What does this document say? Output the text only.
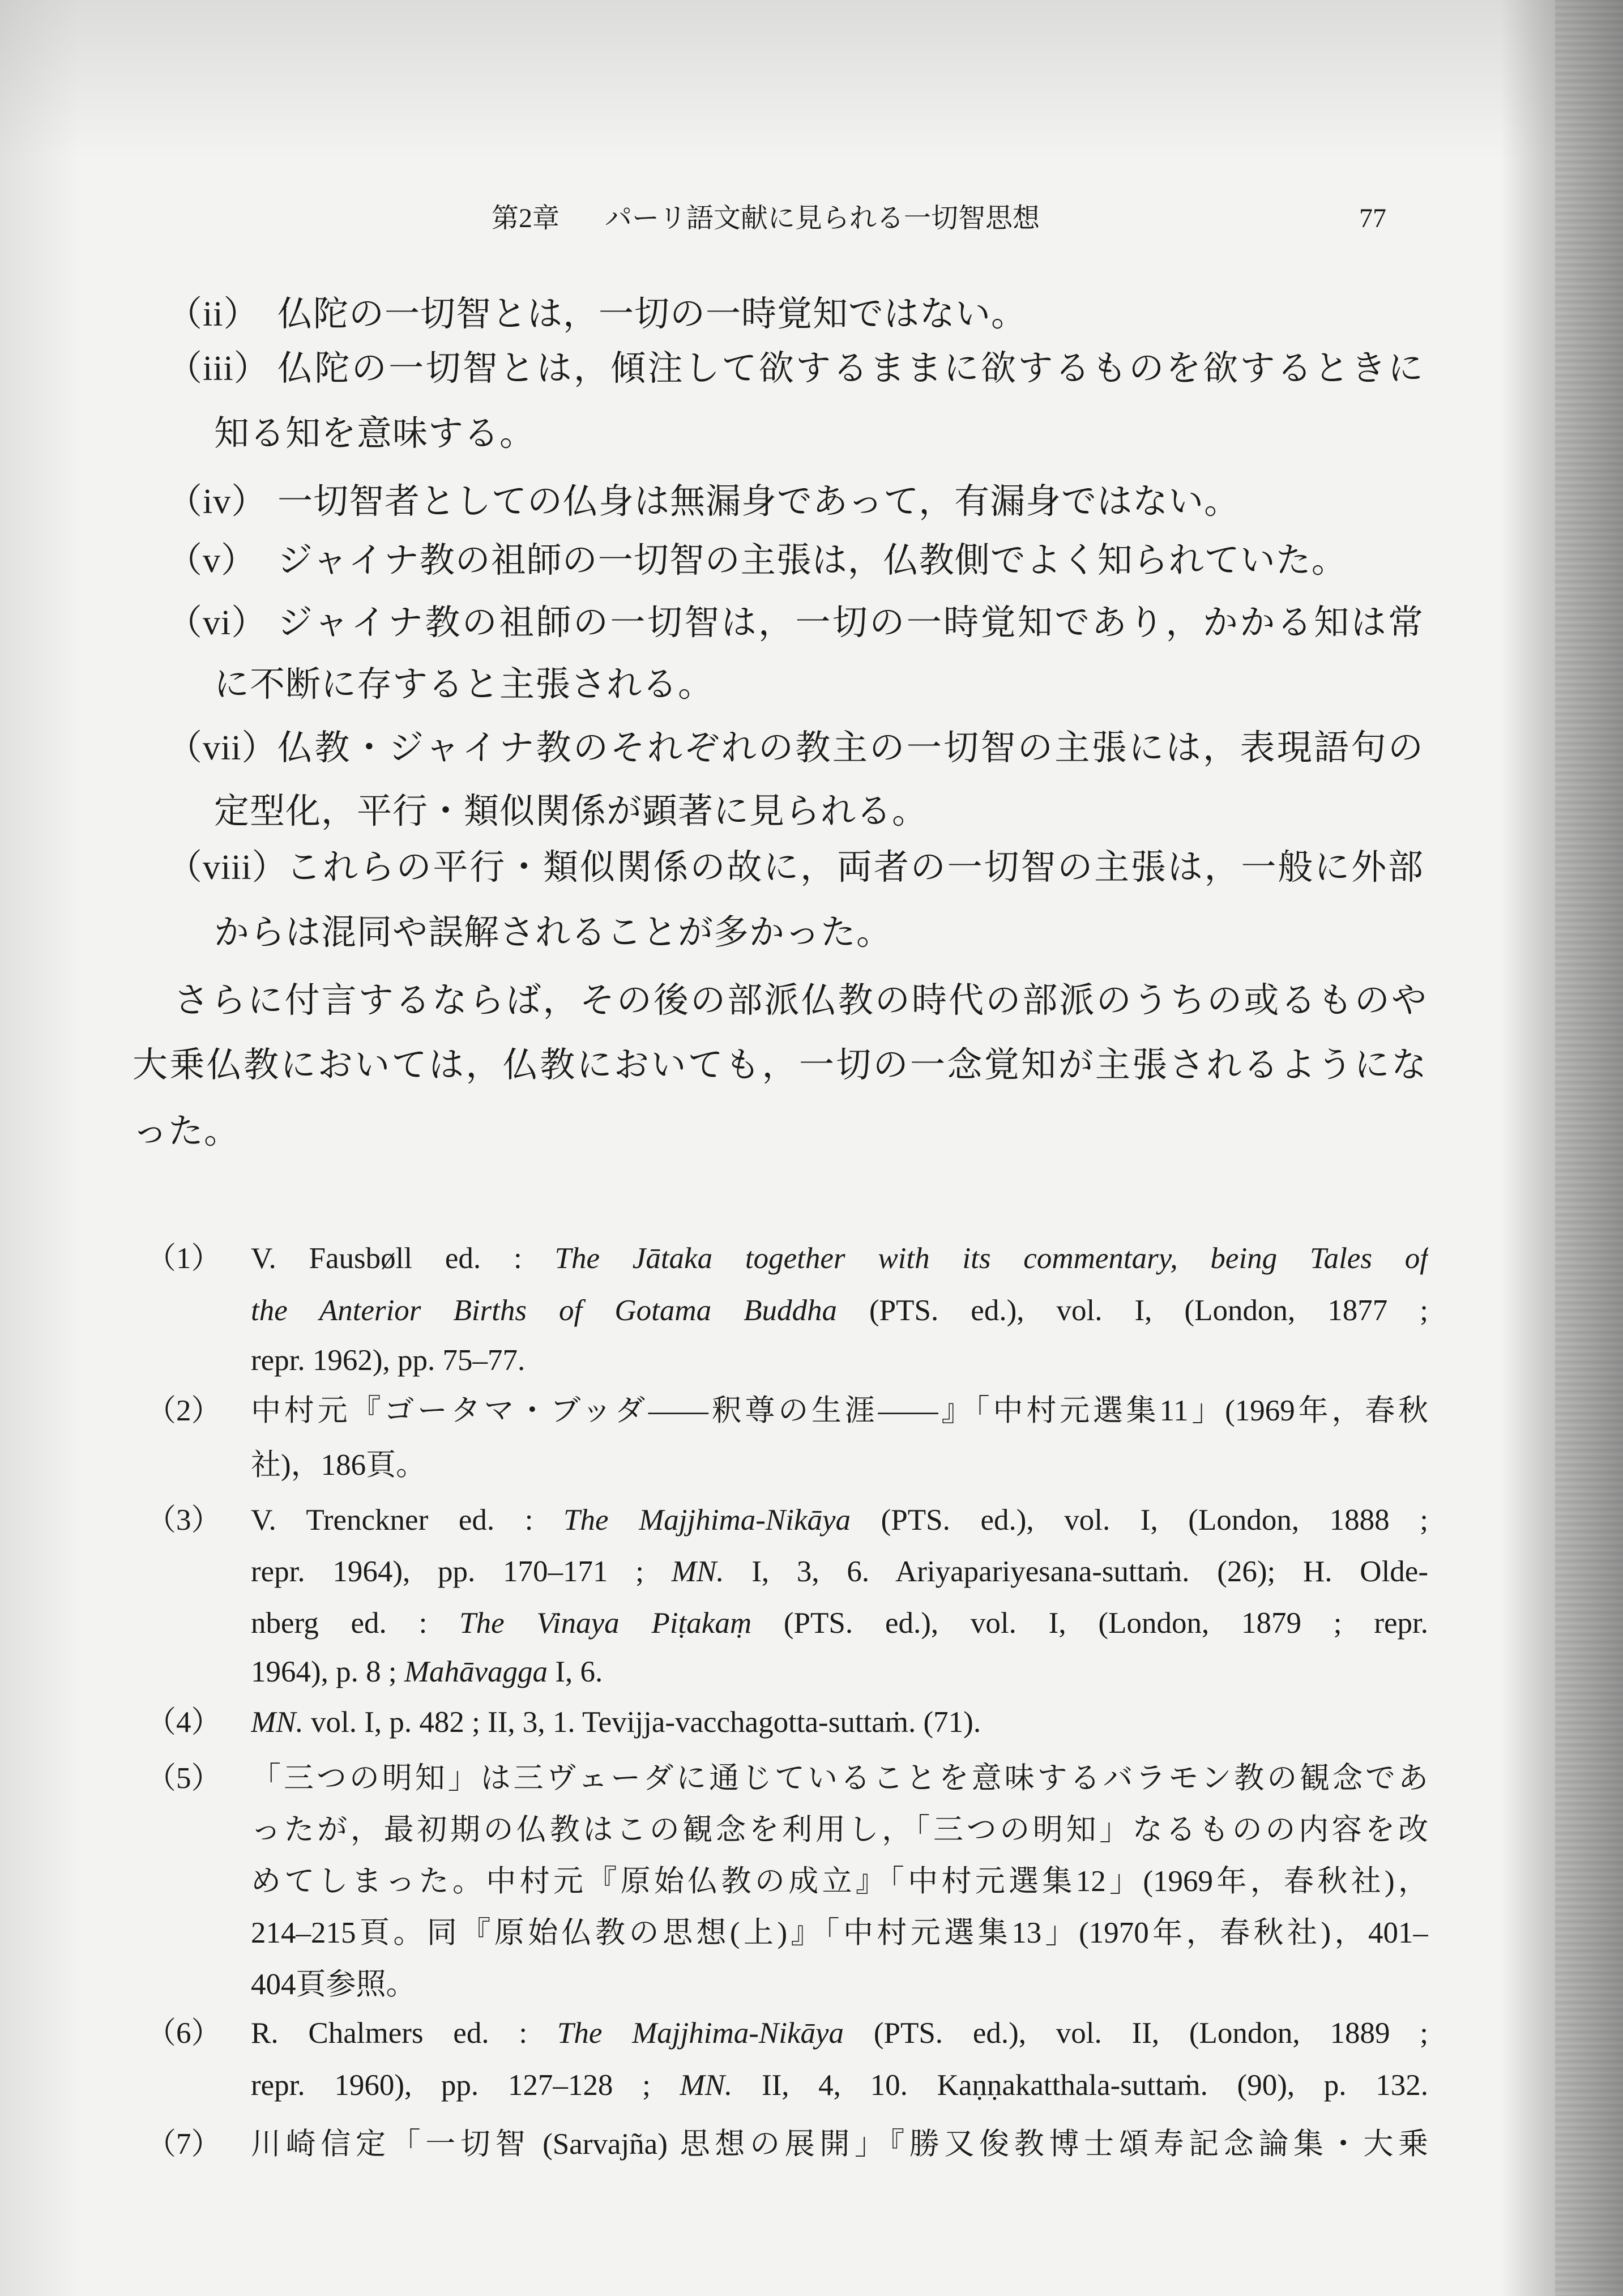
第2章	パーリ語文献に見られる一切智思想	77
（ii） 仏陀の一切智とは，一切の一時覚知ではない。
（iii） 仏陀の一切智とは，傾注して欲するままに欲するものを欲するときに
知る知を意味する。
（iv） 一切智者としての仏身は無漏身であって，有漏身ではない。
（v） ジャイナ教の祖師の一切智の主張は，仏教側でよく知られていた。
（vi） ジャイナ教の祖師の一切智は，一切の一時覚知であり，かかる知は常
に不断に存すると主張される。
（vii） 仏教・ジャイナ教のそれぞれの教主の一切智の主張には，表現語句の
定型化，平行・類似関係が顕著に見られる。
（viii）
これらの平行・類似関係の故に，両者の一切智の主張は，一般に外部
からは混同や誤解されることが多かった。
さらに付言するならば，その後の部派仏教の時代の部派のうちの或るものや
大乗仏教においては，仏教においても，一切の一念覚知が主張されるようにな
った。
（1） V. Fausbøll ed. : The Jātaka together with its commentary, being Tales of
the Anterior Births of Gotama Buddha (PTS. ed.), vol. I, (London, 1877 ;
repr. 1962), pp. 75–77.
（2） 中村元『ゴータマ・ブッダ――釈尊の生涯――』「中村元選集11」(1969年，春秋
社)，186頁。
（3） V. Trenckner ed. : The Majjhima-Nikāya (PTS. ed.), vol. I, (London, 1888 ;
repr. 1964), pp. 170–171 ; MN. I, 3, 6. Ariyapariyesana-suttaṁ. (26); H. Olde-
nberg ed. : The Vinaya Piṭakaṃ (PTS. ed.), vol. I, (London, 1879 ; repr.
1964), p. 8 ; Mahāvagga I, 6.
（4） MN. vol. I, p. 482 ; II, 3, 1. Tevijja-vacchagotta-suttaṁ. (71).
（5） 「三つの明知」は三ヴェーダに通じていることを意味するバラモン教の観念であ
ったが，最初期の仏教はこの観念を利用し，「三つの明知」なるものの内容を改
めてしまった。中村元『原始仏教の成立』「中村元選集12」(1969年，春秋社)，
214–215頁。同『原始仏教の思想(上)』「中村元選集13」(1970年，春秋社)，401–
404頁参照。
（6） R. Chalmers ed. : The Majjhima-Nikāya (PTS. ed.), vol. II, (London, 1889 ;
repr. 1960), pp. 127–128 ; MN. II, 4, 10. Kaṇṇakatthala-suttaṁ. (90), p. 132.
（7） 川崎信定「一切智 (Sarvajña) 思想の展開」『勝又俊教博士頌寿記念論集・大乗
